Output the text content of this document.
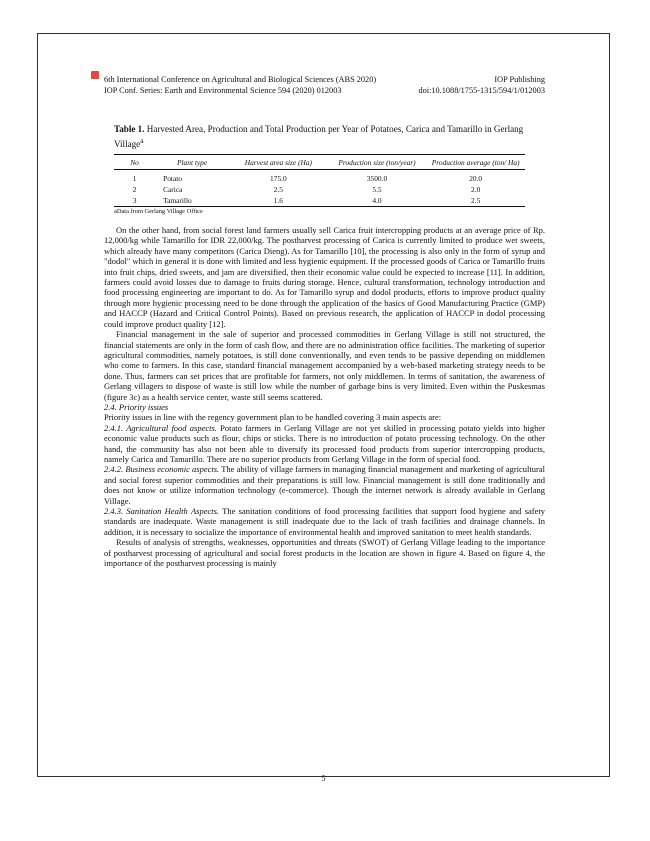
6th International Conference on Agricultural and Biological Sciences (ABS 2020)	IOP Publishing
IOP Conf. Series: Earth and Environmental Science 594 (2020) 012003	doi:10.1088/1755-1315/594/1/012003
Table 1. Harvested Area, Production and Total Production per Year of Potatoes, Carica and Tamarillo in Gerlang Village$^a$
No	Plant type	Harvest area size (Ha)	Production size (ton/year)	Production average (ton/ Ha)
1	Potato	175.0	3500.0	20.0
2	Carica	2.5	5.5	2.0
3	Tamarillo	1.6	4.0	2.5
aData from Gerlang Village Office

On the other hand, from social forest land farmers usually sell Carica fruit intercropping products at an average price of Rp. 12,000/kg while Tamarillo for IDR 22,000/kg. The postharvest processing of Carica is currently limited to produce wet sweets, which already have many competitors (Carica Dieng). As for Tamarillo [10], the processing is also only in the form of syrup and "dodol" which in general it is done with limited and less hygienic equipment. If the processed goods of Carica or Tamarillo fruits into fruit chips, dried sweets, and jam are diversified, then their economic value could be expected to increase [11]. In addition, farmers could avoid losses due to damage to fruits during storage. Hence, cultural transformation, technology introduction and food processing engineering are important to do. As for Tamarillo syrup and dodol products, efforts to improve product quality through more hygienic processing need to be done through the application of the basics of Good Manufacturing Practice (GMP) and HACCP (Hazard and Critical Control Points). Based on previous research, the application of HACCP in dodol processing could improve product quality [12].

Financial management in the sale of superior and processed commodities in Gerlang Village is still not structured, the financial statements are only in the form of cash flow, and there are no administration office facilities. The marketing of superior agricultural commodities, namely potatoes, is still done conventionally, and even tends to be passive depending on middlemen who come to farmers. In this case, standard financial management accompanied by a web-based marketing strategy needs to be done. Thus, farmers can set prices that are profitable for farmers, not only middlemen. In terms of sanitation, the awareness of Gerlang villagers to dispose of waste is still low while the number of garbage bins is very limited. Even within the Puskesmas (figure 3c) as a health service center, waste still seems scattered.

2.4. Priority issues

Priority issues in line with the regency government plan to be handled covering 3 main aspects are:

2.4.1. Agricultural food aspects. Potato farmers in Gerlang Village are not yet skilled in processing potato yields into higher economic value products such as flour, chips or sticks. There is no introduction of potato processing technology. On the other hand, the community has also not been able to diversify its processed food products from superior intercropping products, namely Carica and Tamarillo. There are no superior products from Gerlang Village in the form of special food.

2.4.2. Business economic aspects. The ability of village farmers in managing financial management and marketing of agricultural and social forest superior commodities and their preparations is still low. Financial management is still done traditionally and does not know or utilize information technology (e-commerce). Though the internet network is already available in Gerlang Village.

2.4.3. Sanitation Health Aspects. The sanitation conditions of food processing facilities that support food hygiene and safety standards are inadequate. Waste management is still inadequate due to the lack of trash facilities and drainage channels. In addition, it is necessary to socialize the importance of environmental health and improved sanitation to meet health standards.

Results of analysis of strengths, weaknesses, opportunities and threats (SWOT) of Gerlang Village leading to the importance of postharvest processing of agricultural and social forest products in the location are shown in figure 4. Based on figure 4, the importance of the postharvest processing is mainly

5
